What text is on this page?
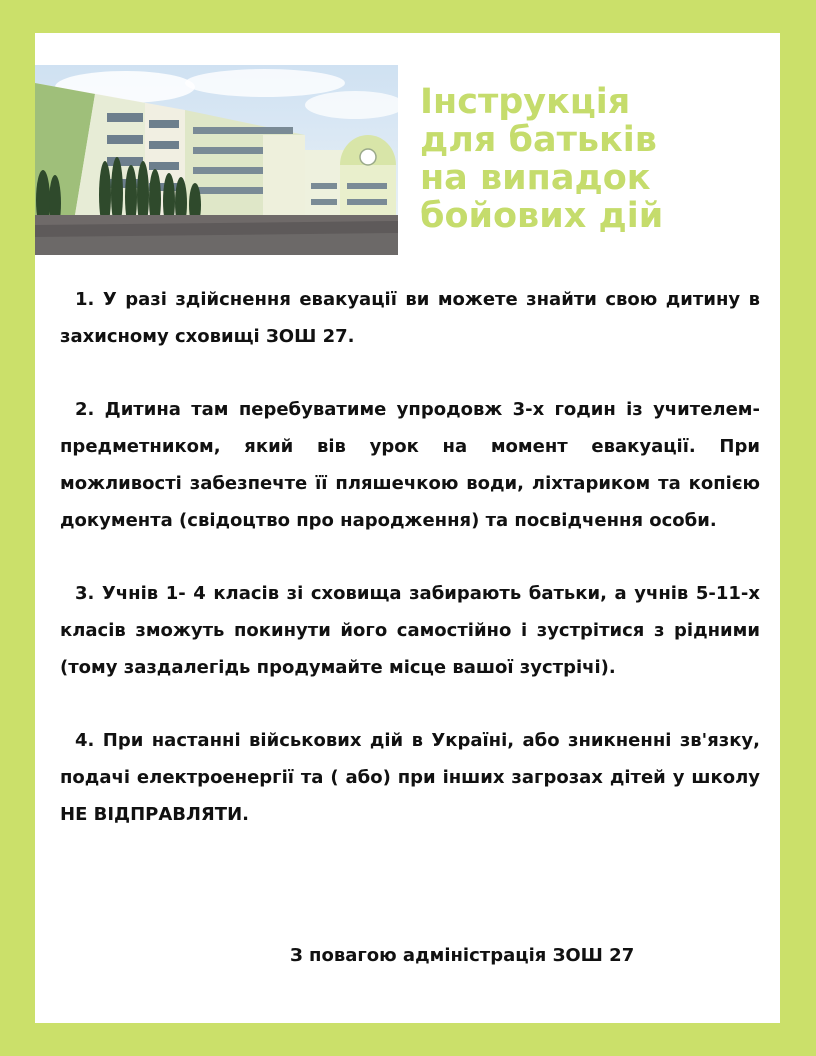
Інструкція
для батьків
на випадок
бойових дій

1. У разі здійснення евакуації ви можете знайти свою дитину в захисному сховищі ЗОШ 27.

2. Дитина там перебуватиме упродовж 3-х годин із учителем-предметником, який вів урок на момент евакуації. При можливості забезпечте її пляшечкою води, ліхтариком та копією документа (свідоцтво про народження) та посвідчення особи.

3. Учнів 1- 4 класів зі сховища забирають батьки, а учнів 5-11-х класів зможуть покинути його самостійно і зустрітися з рідними (тому заздалегідь продумайте місце вашої зустрічі).

4. При настанні військових дій в Україні, або зникненні зв'язку, подачі електроенергії та ( або) при інших загрозах дітей у школу НЕ ВІДПРАВЛЯТИ.

З повагою адміністрація ЗОШ 27
